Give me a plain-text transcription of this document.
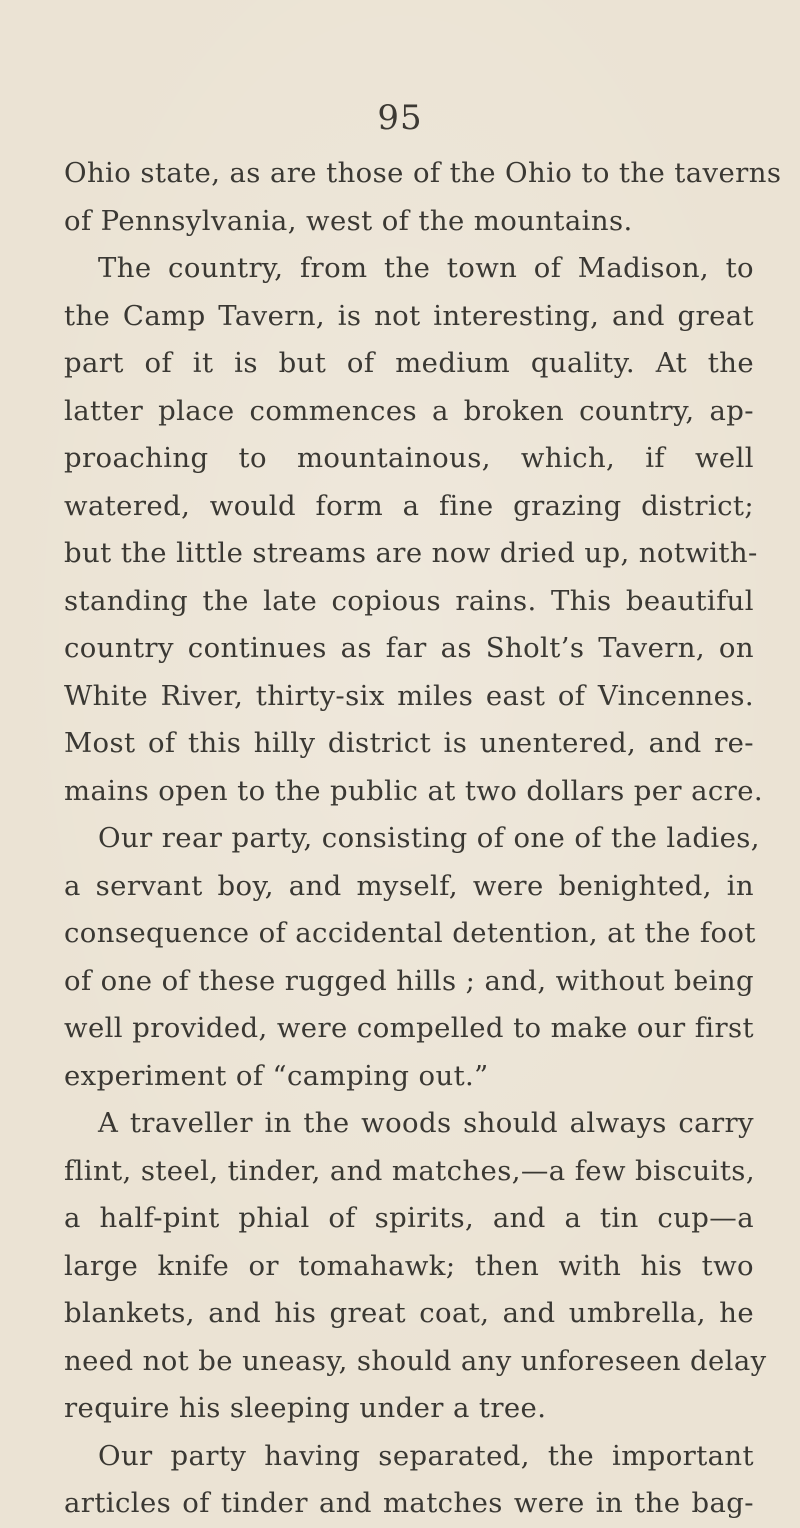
95
Ohio state, as are those of the Ohio to the taverns
of Pennsylvania, west of the mountains.
The country, from the town of Madison, to
the Camp Tavern, is not interesting, and great
part of it is but of medium quality. At the
latter place commences a broken country, ap-
proaching to mountainous, which, if well
watered, would form a fine grazing district;
but the little streams are now dried up, notwith-
standing the late copious rains. This beautiful
country continues as far as Sholt’s Tavern, on
White River, thirty-six miles east of Vincennes.
Most of this hilly district is unentered, and re-
mains open to the public at two dollars per acre.
Our rear party, consisting of one of the ladies,
a servant boy, and myself, were benighted, in
consequence of accidental detention, at the foot
of one of these rugged hills ; and, without being
well provided, were compelled to make our first
experiment of “camping out.”
A traveller in the woods should always carry
flint, steel, tinder, and matches,—a few biscuits,
a half-pint phial of spirits, and a tin cup—a
large knife or tomahawk; then with his two
blankets, and his great coat, and umbrella, he
need not be uneasy, should any unforeseen delay
require his sleeping under a tree.
Our party having separated, the important
articles of tinder and matches were in the bag-
